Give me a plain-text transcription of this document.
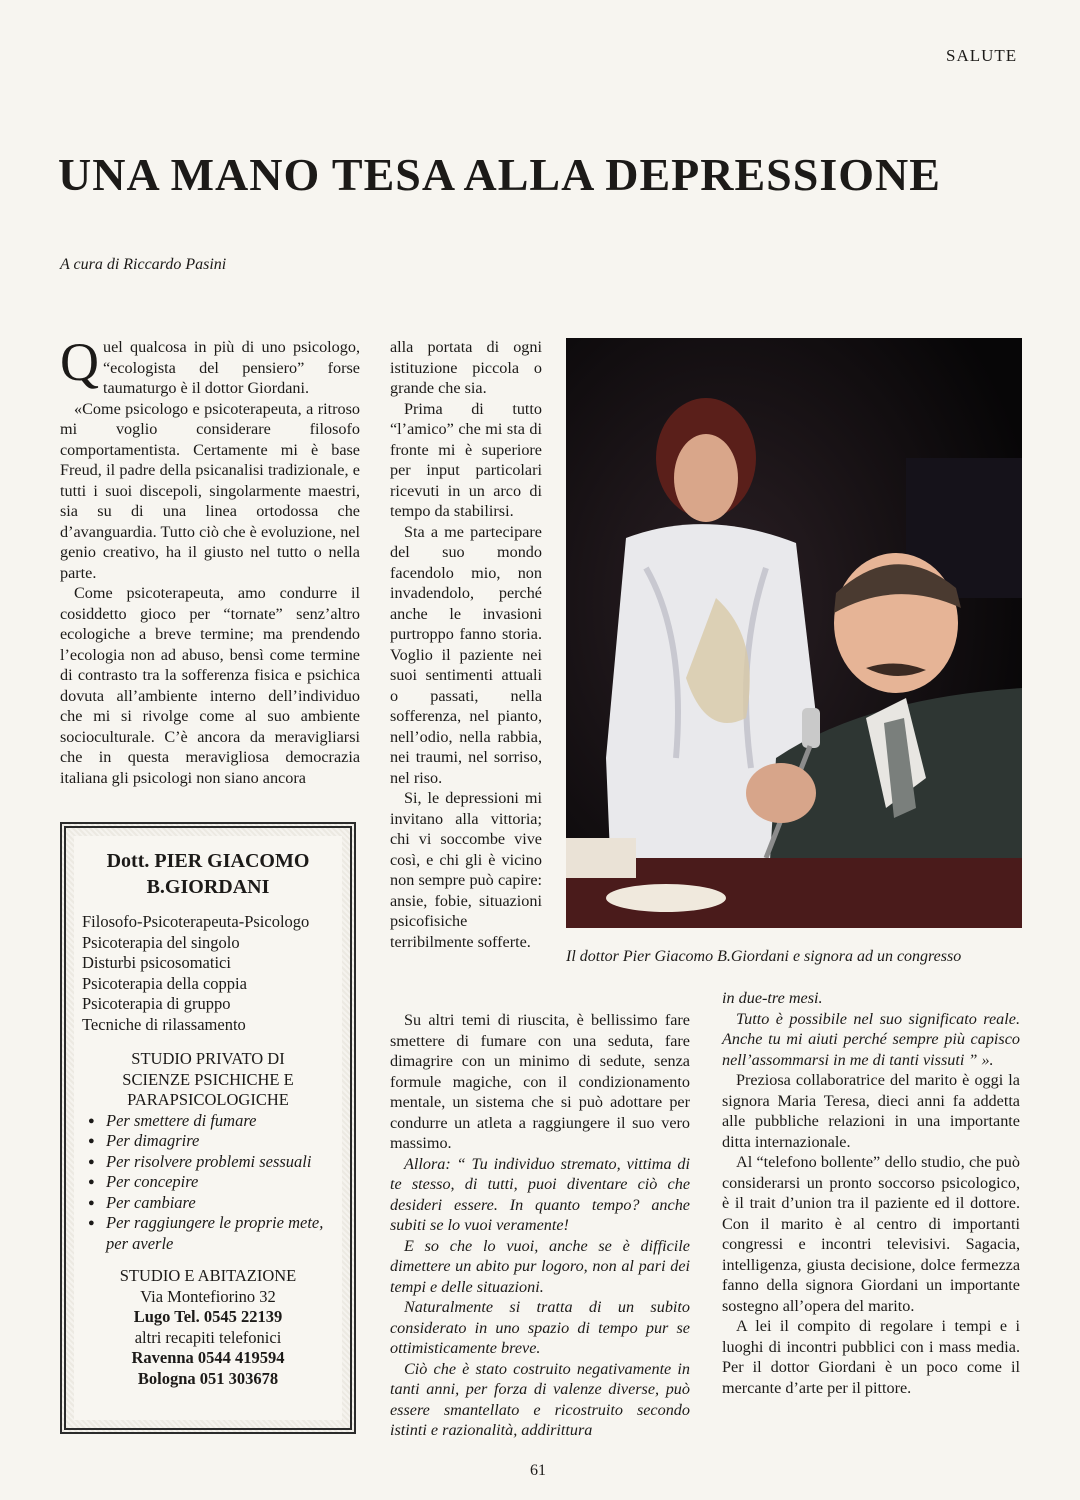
SALUTE
UNA MANO TESA ALLA DEPRESSIONE
A cura di Riccardo Pasini

Quel qualcosa in più di uno psicologo, “ecologista del pensiero” forse taumaturgo è il dottor Giordani.

«Come psicologo e psicoterapeuta, a ritroso mi voglio considerare filosofo comportamentista. Certamente mi è base Freud, il padre della psicanalisi tradizionale, e tutti i suoi discepoli, singolarmente maestri, sia su di una linea ortodossa che d’avanguardia. Tutto ciò che è evoluzione, nel genio creativo, ha il giusto nel tutto o nella parte.

Come psicoterapeuta, amo condurre il cosiddetto gioco per “tornate” senz’altro ecologiche a breve termine; ma prendendo l’ecologia non ad abuso, bensì come termine di contrasto tra la sofferenza fisica e psichica dovuta all’ambiente interno dell’individuo che mi si rivolge come al suo ambiente socioculturale. C’è ancora da meravigliarsi che in questa meravigliosa democrazia italiana gli psicologi non siano ancora

alla portata di ogni istituzione piccola o grande che sia.

Prima di tutto “l’amico” che mi sta di fronte mi è superiore per input particolari ricevuti in un arco di tempo da stabilirsi.

Sta a me partecipare del suo mondo facendolo mio, non invadendolo, perché anche le invasioni purtroppo fanno storia. Voglio il paziente nei suoi sentimenti attuali o passati, nella sofferenza, nel pianto, nell’odio, nella rabbia, nei traumi, nel sorriso, nel riso.

Si, le depressioni mi invitano alla vittoria; chi vi soccombe vive così, e chi gli è vicino non sempre può capire: ansie, fobie, situazioni psicofisiche terribilmente sofferte.

Il dottor Pier Giacomo B.Giordani e signora ad un congresso

Su altri temi di riuscita, è bellissimo fare smettere di fumare con una seduta, fare dimagrire con un minimo di sedute, senza formule magiche, con il condizionamento mentale, un sistema che si può adottare per condurre un atleta a raggiungere il suo vero massimo.

Allora: “ Tu individuo stremato, vittima di te stesso, di tutti, puoi diventare ciò che desideri essere. In quanto tempo? anche subiti se lo vuoi veramente!

E so che lo vuoi, anche se è difficile dimettere un abito pur logoro, non al pari dei tempi e delle situazioni.

Naturalmente si tratta di un subito considerato in uno spazio di tempo pur se ottimisticamente breve.

Ciò che è stato costruito negativamente in tanti anni, per forza di valenze diverse, può essere smantellato e ricostruito secondo istinti e razionalità, addirittura

in due-tre mesi.

Tutto è possibile nel suo significato reale. Anche tu mi aiuti perché sempre più capisco nell’assommarsi in me di tanti vissuti ” ».

Preziosa collaboratrice del marito è oggi la signora Maria Teresa, dieci anni fa addetta alle pubbliche relazioni in una importante ditta internazionale.

Al “telefono bollente” dello studio, che può considerarsi un pronto soccorso psicologico, è il trait d’union tra il paziente ed il dottore. Con il marito è al centro di importanti congressi e incontri televisivi. Sagacia, intelligenza, giusta decisione, dolce fermezza fanno della signora Giordani un importante sostegno all’opera del marito.

A lei il compito di regolare i tempi e i luoghi di incontri pubblici con i mass media. Per il dottor Giordani è un poco come il mercante d’arte per il pittore.

Dott. PIER GIACOMO
B.GIORDANI
Filosofo-Psicoterapeuta-Psicologo
Psicoterapia del singolo
Disturbi psicosomatici
Psicoterapia della coppia
Psicoterapia di gruppo
Tecniche di rilassamento
STUDIO PRIVATO DI
SCIENZE PSICHICHE E
PARAPSICOLOGICHE
● Per smettere di fumare
● Per dimagrire
● Per risolvere problemi sessuali
● Per concepire
● Per cambiare
● Per raggiungere le proprie mete, per averle
STUDIO E ABITAZIONE
Via Montefiorino 32
Lugo Tel. 0545 22139
altri recapiti telefonici
Ravenna 0544 419594
Bologna 051 303678
61
